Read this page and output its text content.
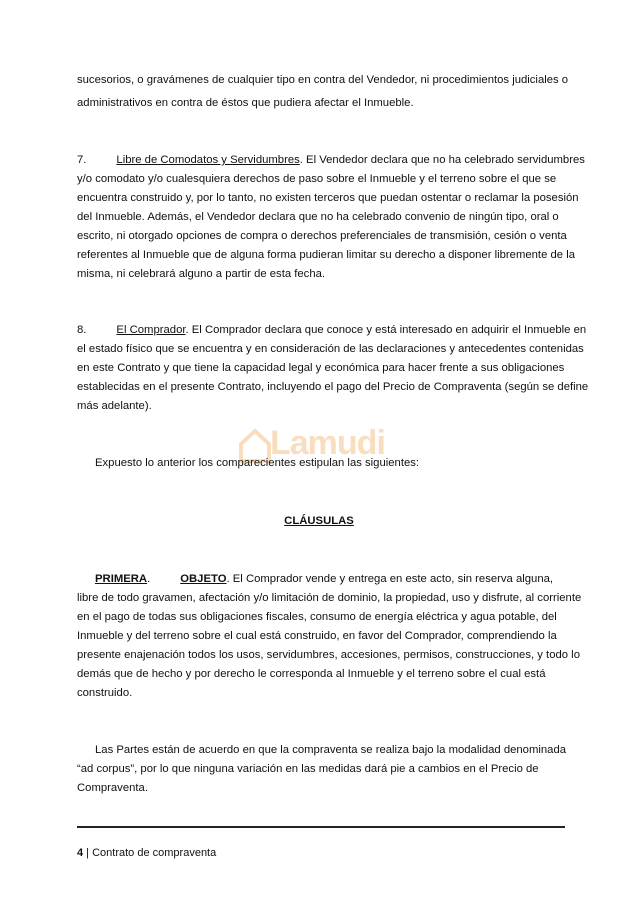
sucesorios, o gravámenes de cualquier tipo en contra del Vendedor, ni procedimientos judiciales o
administrativos en contra de éstos que pudiera afectar el Inmueble.
7.	Libre de Comodatos y Servidumbres. El Vendedor declara que no ha celebrado servidumbres
y/o comodato y/o cualesquiera derechos de paso sobre el Inmueble y el terreno sobre el que se
encuentra construido y, por lo tanto, no existen terceros que puedan ostentar o reclamar la posesión
del Inmueble. Además, el Vendedor declara que no ha celebrado convenio de ningún tipo, oral o
escrito, ni otorgado opciones de compra o derechos preferenciales de transmisión, cesión o venta
referentes al Inmueble que de alguna forma pudieran limitar su derecho a disponer libremente de la
misma, ni celebrará alguno a partir de esta fecha.
8.	El Comprador. El Comprador declara que conoce y está interesado en adquirir el Inmueble en
el estado físico que se encuentra y en consideración de las declaraciones y antecedentes contenidas
en este Contrato y que tiene la capacidad legal y económica para hacer frente a sus obligaciones
establecidas en el presente Contrato, incluyendo el pago del Precio de Compraventa (según se define
más adelante).
Lamudi
Expuesto lo anterior los comparecientes estipulan las siguientes:
CLÁUSULAS
PRIMERA.	OBJETO. El Comprador vende y entrega en este acto, sin reserva alguna,
libre de todo gravamen, afectación y/o limitación de dominio, la propiedad, uso y disfrute, al corriente
en el pago de todas sus obligaciones fiscales, consumo de energía eléctrica y agua potable, del
Inmueble y del terreno sobre el cual está construido, en favor del Comprador, comprendiendo la
presente enajenación todos los usos, servidumbres, accesiones, permisos, construcciones, y todo lo
demás que de hecho y por derecho le corresponda al Inmueble y el terreno sobre el cual está
construido.
Las Partes están de acuerdo en que la compraventa se realiza bajo la modalidad denominada
“ad corpus”, por lo que ninguna variación en las medidas dará pie a cambios en el Precio de
Compraventa.
4 | Contrato de compraventa
